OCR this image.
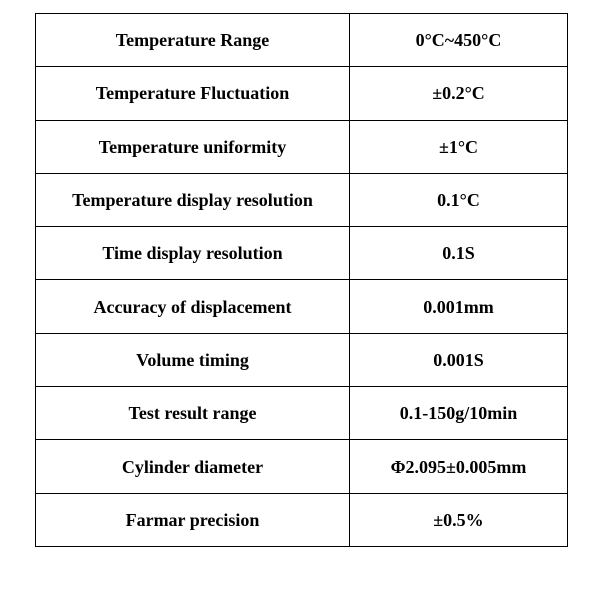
Temperature Range	0°C~450°C
Temperature Fluctuation	±0.2°C
Temperature uniformity	±1°C
Temperature display resolution	0.1°C
Time display resolution	0.1S
Accuracy of displacement	0.001mm
Volume timing	0.001S
Test result range	0.1-150g/10min
Cylinder diameter	Φ2.095±0.005mm
Farmar precision	±0.5%
